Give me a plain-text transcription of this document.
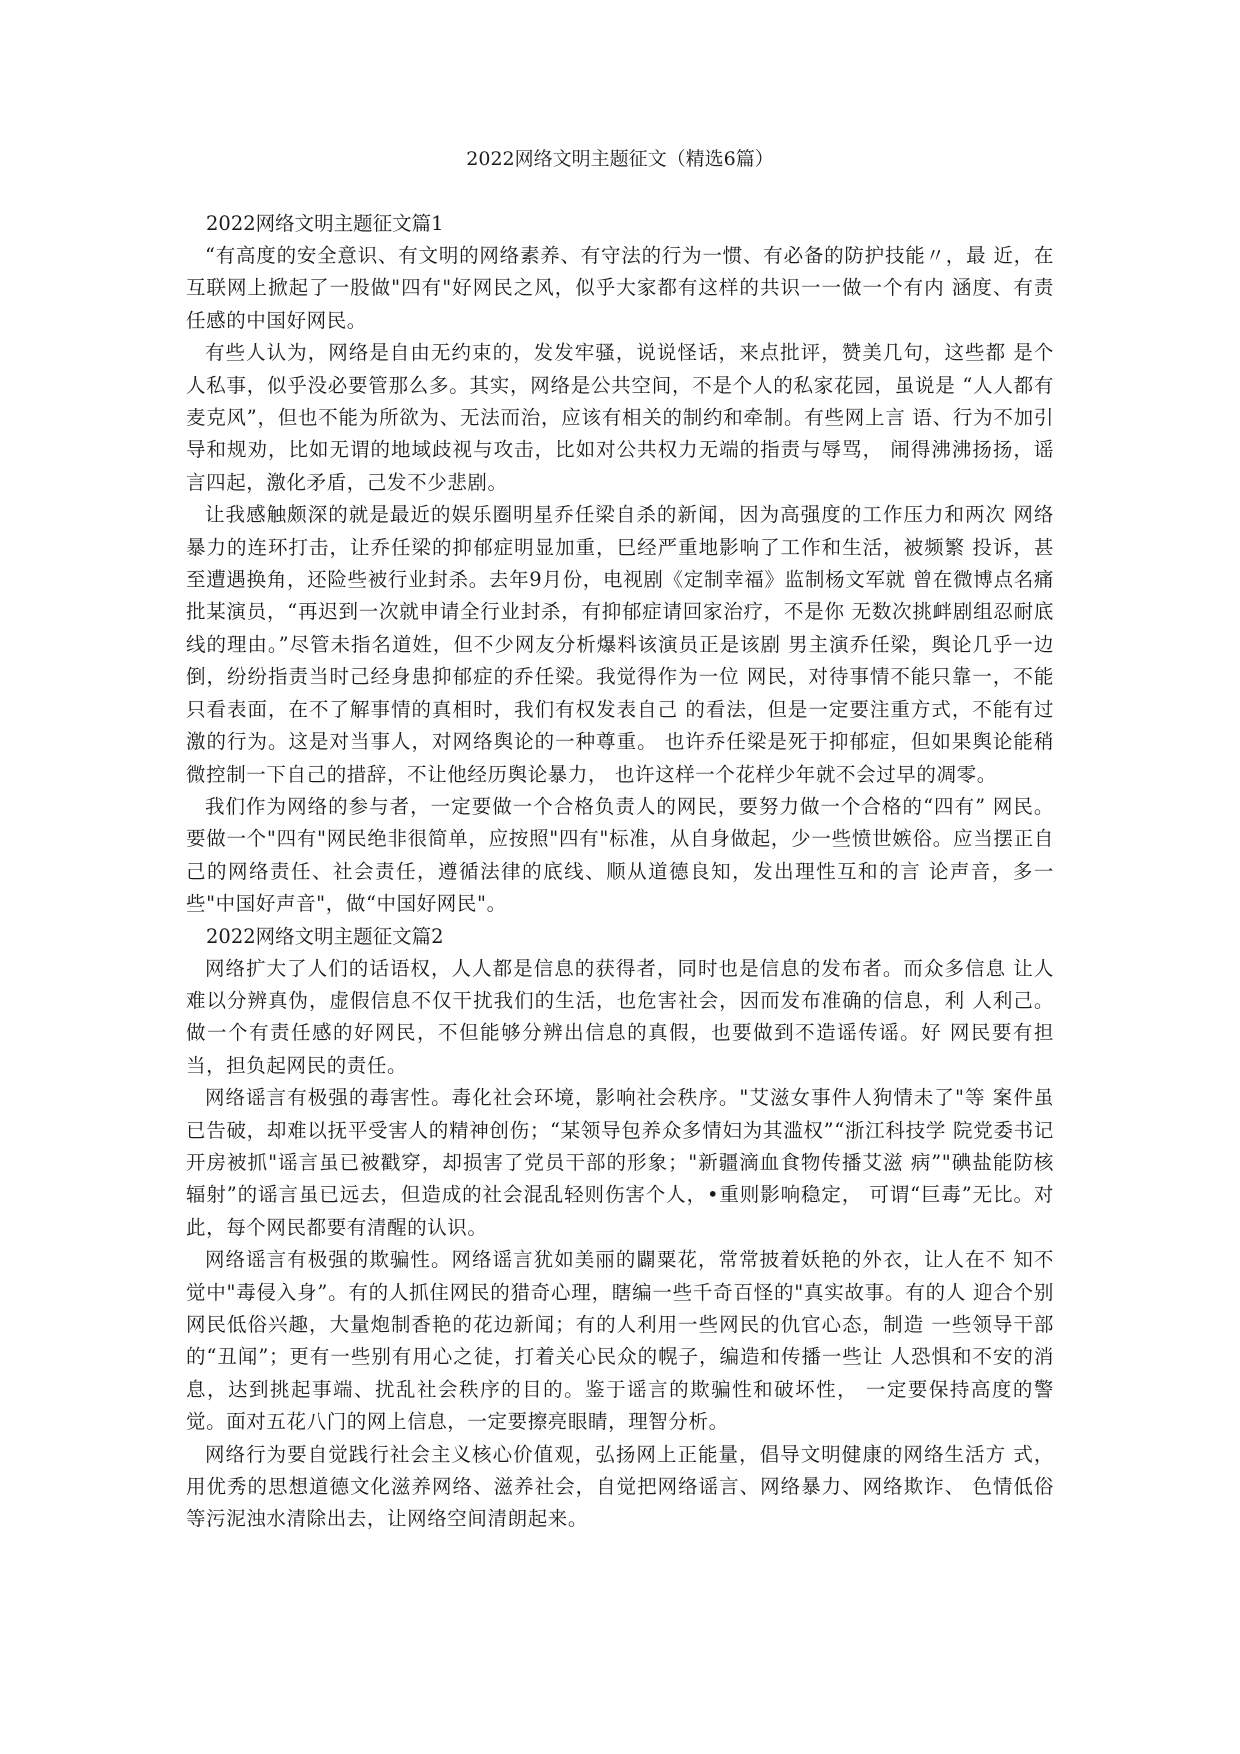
2022网络文明主题征文（精选6篇）
2022网络文明主题征文篇1

“有高度的安全意识、有文明的网络素养、有守法的行为一惯、有必备的防护技能〃，最 近，在互联网上掀起了一股做"四有"好网民之风，似乎大家都有这样的共识一一做一个有内 涵度、有责任感的中国好网民。

有些人认为，网络是自由无约束的，发发牢骚，说说怪话，来点批评，赞美几句，这些都 是个人私事，似乎没必要管那么多。其实，网络是公共空间，不是个人的私家花园，虽说是 “人人都有麦克风”，但也不能为所欲为、无法而治，应该有相关的制约和牵制。有些网上言 语、行为不加引导和规劝，比如无谓的地域歧视与攻击，比如对公共权力无端的指责与辱骂， 闹得沸沸扬扬，谣言四起，激化矛盾，己发不少悲剧。

让我感触颇深的就是最近的娱乐圈明星乔任梁自杀的新闻，因为高强度的工作压力和两次 网络暴力的连环打击，让乔任梁的抑郁症明显加重，巳经严重地影响了工作和生活，被频繁 投诉，甚至遭遇换角，还险些被行业封杀。去年9月份，电视剧《定制幸福》监制杨文军就 曾在微博点名痛批某演员，“再迟到一次就申请全行业封杀，有抑郁症请回家治疗，不是你 无数次挑衅剧组忍耐底线的理由。”尽管未指名道姓，但不少网友分析爆料该演员正是该剧 男主演乔任梁，舆论几乎一边倒，纷纷指责当时己经身患抑郁症的乔任梁。我觉得作为一位 网民，对待事情不能只靠一，不能只看表面，在不了解事情的真相时，我们有权发表自己 的看法，但是一定要注重方式，不能有过激的行为。这是对当事人，对网络舆论的一种尊重。 也许乔任梁是死于抑郁症，但如果舆论能稍微控制一下自己的措辞，不让他经历舆论暴力， 也许这样一个花样少年就不会过早的凋零。

我们作为网络的参与者，一定要做一个合格负责人的网民，要努力做一个合格的“四有” 网民。要做一个"四有"网民绝非很简单，应按照"四有"标准，从自身做起，少一些愤世嫉俗。应当摆正自己的网络责任、社会责任，遵循法律的底线、顺从道德良知，发出理性互和的言 论声音，多一些"中国好声音"，做“中国好网民"。

2022网络文明主题征文篇2

网络扩大了人们的话语权，人人都是信息的获得者，同时也是信息的发布者。而众多信息 让人难以分辨真伪，虚假信息不仅干扰我们的生活，也危害社会，因而发布准确的信息，利 人利己。做一个有责任感的好网民，不但能够分辨出信息的真假，也要做到不造谣传谣。好 网民要有担当，担负起网民的责任。

网络谣言有极强的毒害性。毒化社会环境，影响社会秩序。"艾滋女事件人狗情未了"等 案件虽已告破，却难以抚平受害人的精神创伤；“某领导包养众多情妇为其滥权”“浙江科技学 院党委书记开房被抓"谣言虽已被戳穿，却损害了党员干部的形象；"新疆滴血食物传播艾滋 病”"碘盐能防核辐射”的谣言虽已远去，但造成的社会混乱轻则伤害个人，•重则影响稳定， 可谓“巨毒”无比。对此，每个网民都要有清醒的认识。

网络谣言有极强的欺骗性。网络谣言犹如美丽的闢粟花，常常披着妖艳的外衣，让人在不 知不觉中"毒侵入身”。有的人抓住网民的猎奇心理，瞎编一些千奇百怪的"真实故事。有的人 迎合个别网民低俗兴趣，大量炮制香艳的花边新闻；有的人利用一些网民的仇官心态，制造 一些领导干部的“丑闻”；更有一些别有用心之徒，打着关心民众的幌子，编造和传播一些让 人恐惧和不安的消息，达到挑起事端、扰乱社会秩序的目的。鉴于谣言的欺骗性和破坏性， 一定要保持高度的警觉。面对五花八门的网上信息，一定要擦亮眼睛，理智分析。

网络行为要自觉践行社会主义核心价值观，弘扬网上正能量，倡导文明健康的网络生活方 式，用优秀的思想道德文化滋养网络、滋养社会，自觉把网络谣言、网络暴力、网络欺诈、 色情低俗等污泥浊水清除出去，让网络空间清朗起来。
